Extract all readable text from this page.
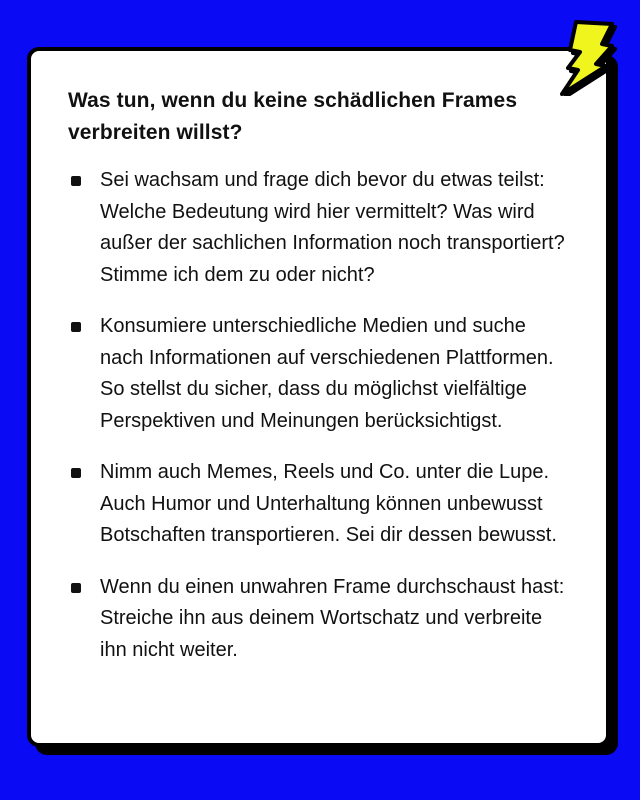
Was tun, wenn du keine schädlichen Frames verbreiten willst?
Sei wachsam und frage dich bevor du etwas teilst: Welche Bedeutung wird hier vermittelt? Was wird außer der sachlichen Information noch transportiert? Stimme ich dem zu oder nicht?
Konsumiere unterschiedliche Medien und suche nach Informationen auf verschiedenen Plattformen. So stellst du sicher, dass du möglichst vielfältige Perspektiven und Meinungen berücksichtigst.
Nimm auch Memes, Reels und Co. unter die Lupe. Auch Humor und Unterhaltung können unbewusst Botschaften transportieren. Sei dir dessen bewusst.
Wenn du einen unwahren Frame durchschaust hast: Streiche ihn aus deinem Wortschatz und verbreite ihn nicht weiter.
